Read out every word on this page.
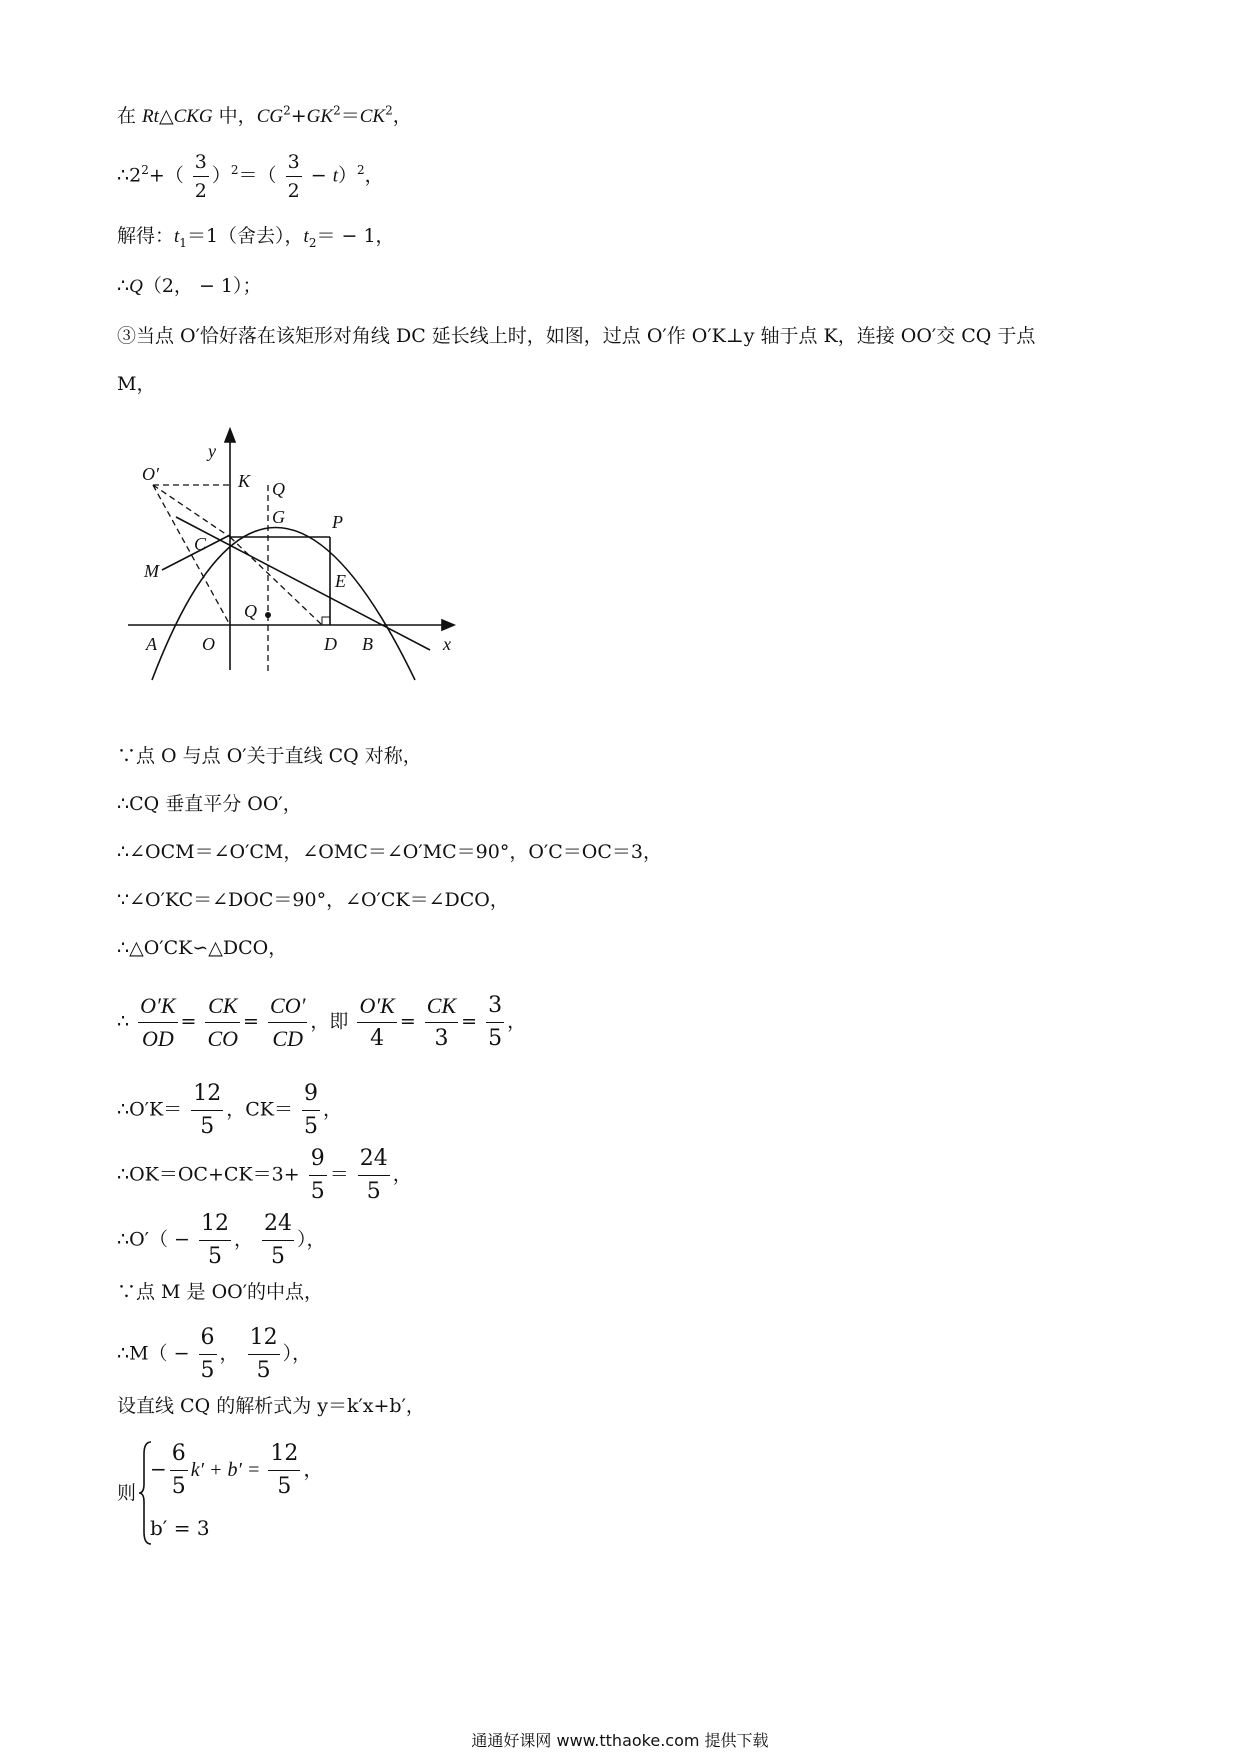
在 Rt△CKG 中，$CG^2+GK^2=CK^2$，
$\therefore 2^2+( \frac{3}{2} )^2=( \frac{3}{2} - t)^2$，
解得：$t_1=1$（舍去），$t_2= - 1$，
∴Q（2， − 1）；
③当点 O′恰好落在该矩形对角线 DC 延长线上时，如图，过点 O′作 O′K⊥y 轴于点 K，连接 OO′交 CQ 于点
M，
y
x
O′	K Q
G	P
M
C
E
Q
A	O	D B
∵点 O 与点 O′关于直线 CQ 对称，
∴CQ 垂直平分 OO′，
∴∠OCM＝∠O′CM，∠OMC＝∠O′MC＝90°，O′C＝OC＝3，
∵∠O′KC＝∠DOC＝90°，∠O′CK＝∠DCO，
∴△O′CK∽△DCO，
∴ $\frac{O'K}{OD} = \frac{CK}{CO} = \frac{CO'}{CD}$ ，即 $\frac{O'K}{4} = \frac{CK}{3} = \frac{3}{5}$ ，
∴O′K＝ $\frac{12}{5}$ ，$CK= \frac{9}{5}$ ，
∴OK＝OC+CK＝3+ $\frac{9}{5} = \frac{24}{5}$ ，
∴O′（ − $\frac{12}{5}$ ， $\frac{24}{5}$ ），
∵点 M 是 OO′的中点，
∴M（ − $\frac{6}{5}$ ， $\frac{12}{5}$ ），
设直线 CQ 的解析式为 y＝k′x+b′，
则
− $\frac{6}{5} k' + b' = \frac{12}{5}$ ，
b′ = 3
通通好课网 www.tthaoke.com 提供下载
